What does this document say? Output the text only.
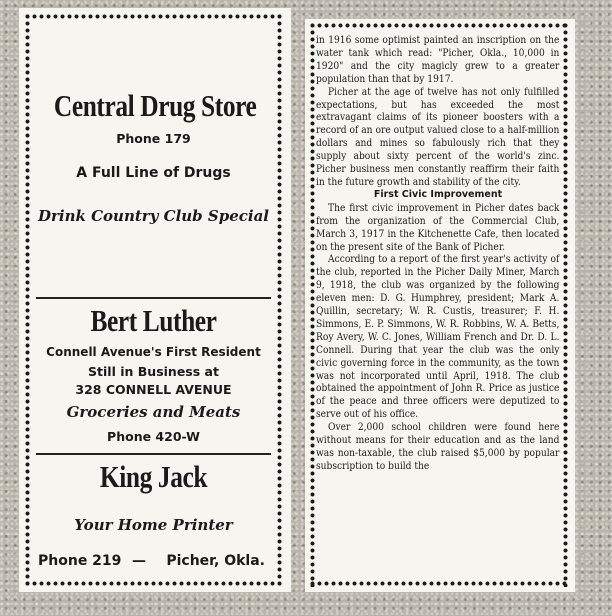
Central Drug Store
Phone 179
A Full Line of Drugs
Drink Country Club Special
Bert Luther
Connell Avenue's First Resident
Still in Business at
328 CONNELL AVENUE
Groceries and Meats
Phone 420-W
King Jack
Your Home Printer
Phone 219 — Picher, Okla.

in 1916 some optimist painted an inscription on the water tank which read: "Picher, Okla., 10,000 in 1920" and the city magicly grew to a greater population than that by 1917.

Picher at the age of twelve has not only fulfilled expectations, but has exceeded the most extravagant claims of its pioneer boosters with a record of an ore output valued close to a half-million dollars and mines so fabulously rich that they supply about sixty percent of the world's zinc. Picher business men constantly reaffirm their faith in the future growth and stability of the city.

First Civic Improvement

The first civic improvement in Picher dates back from the organization of the Commercial Club, March 3, 1917 in the Kitchenette Cafe, then located on the present site of the Bank of Picher.

According to a report of the first year's activity of the club, reported in the Picher Daily Miner, March 9, 1918, the club was organized by the following eleven men: D. G. Humphrey, president; Mark A. Quillin, secretary; W. R. Custis, treasurer; F. H. Simmons, E. P. Simmons, W. R. Robbins, W. A. Betts, Roy Avery, W. C. Jones, William French and Dr. D. L. Connell. During that year the club was the only civic governing force in the community, as the town was not incorporated until April, 1918. The club obtained the appointment of John R. Price as justice of the peace and three officers were deputized to serve out of his office.

Over 2,000 school children were found here without means for their education and as the land was non-taxable, the club raised $5,000 by popular subscription to build the
